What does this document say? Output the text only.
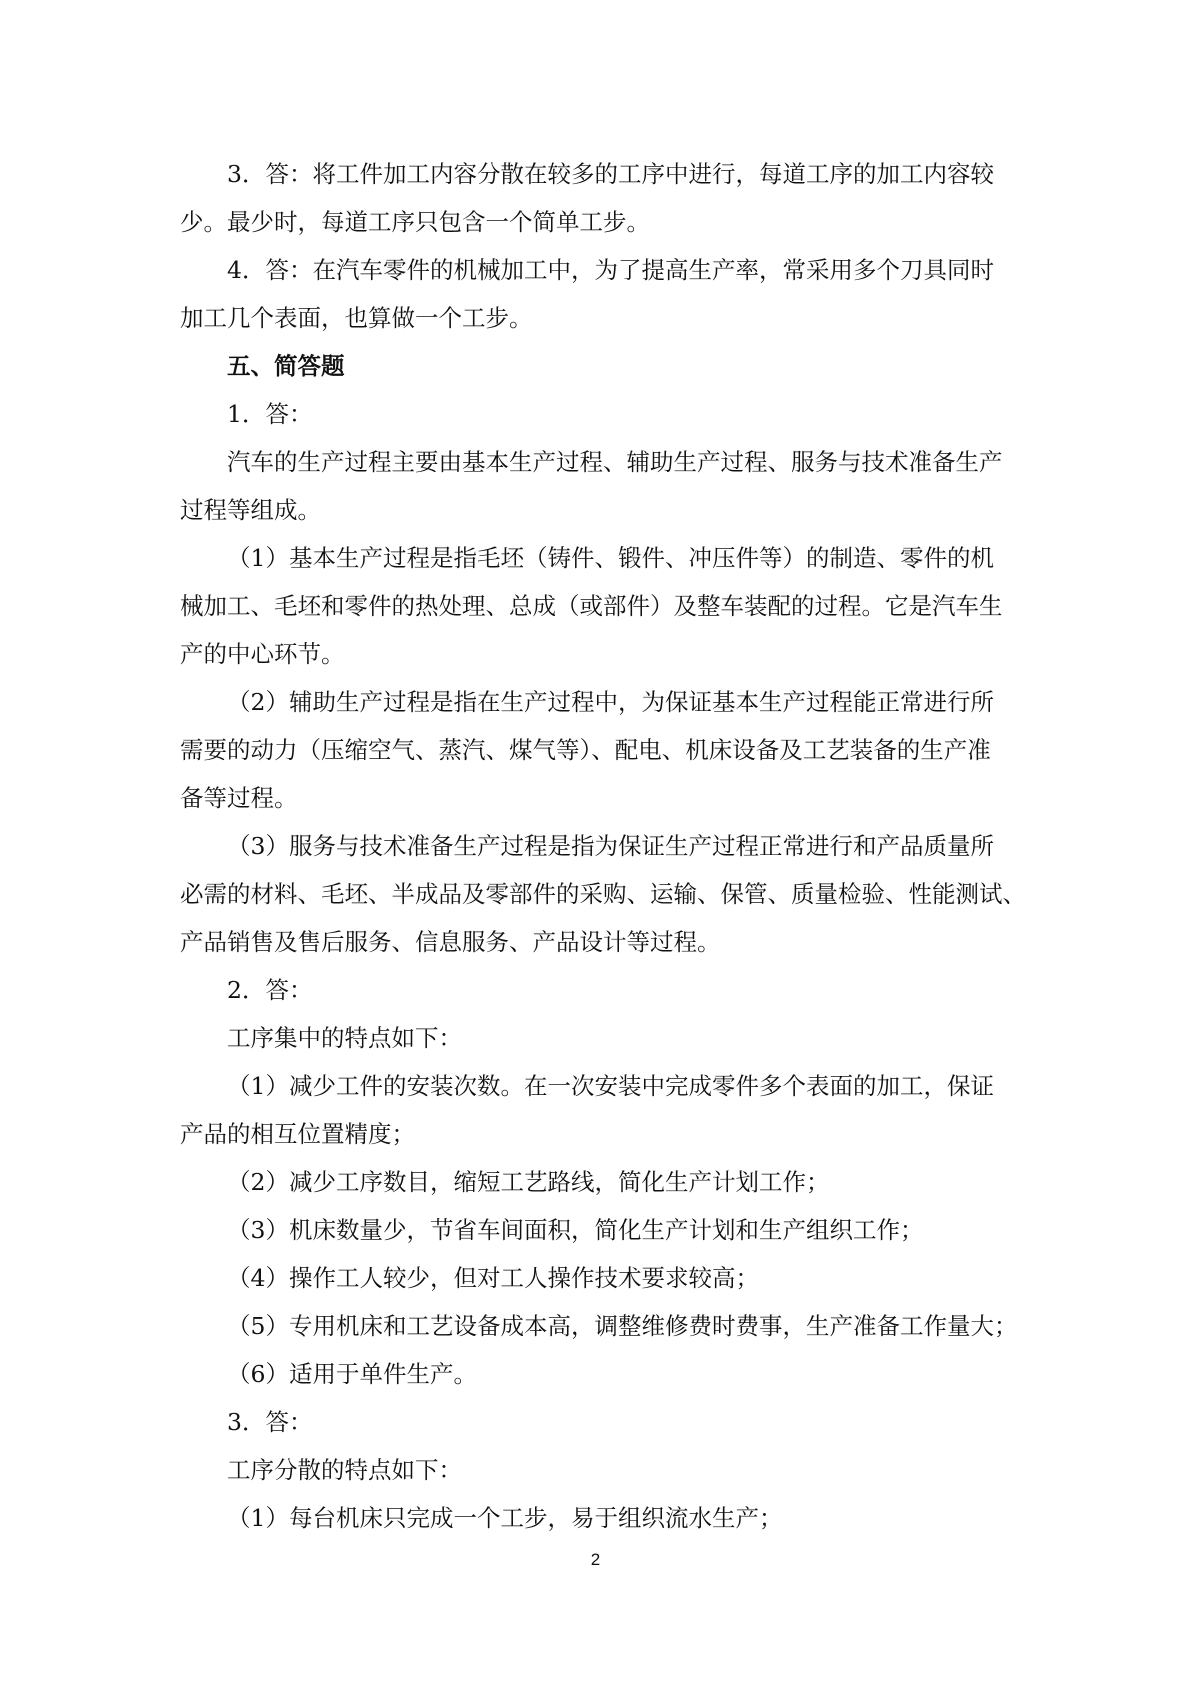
3．答：将工件加工内容分散在较多的工序中进行，每道工序的加工内容较

少。最少时，每道工序只包含一个简单工步。

4．答：在汽车零件的机械加工中，为了提高生产率，常采用多个刀具同时

加工几个表面，也算做一个工步。

五、简答题

1．答：

汽车的生产过程主要由基本生产过程、辅助生产过程、服务与技术准备生产

过程等组成。

（1）基本生产过程是指毛坯（铸件、锻件、冲压件等）的制造、零件的机

械加工、毛坯和零件的热处理、总成（或部件）及整车装配的过程。它是汽车生

产的中心环节。

（2）辅助生产过程是指在生产过程中，为保证基本生产过程能正常进行所

需要的动力（压缩空气、蒸汽、煤气等）、配电、机床设备及工艺装备的生产准

备等过程。

（3）服务与技术准备生产过程是指为保证生产过程正常进行和产品质量所

必需的材料、毛坯、半成品及零部件的采购、运输、保管、质量检验、性能测试、

产品销售及售后服务、信息服务、产品设计等过程。

2．答：

工序集中的特点如下：

（1）减少工件的安装次数。在一次安装中完成零件多个表面的加工，保证

产品的相互位置精度；

（2）减少工序数目，缩短工艺路线，简化生产计划工作；

（3）机床数量少，节省车间面积，简化生产计划和生产组织工作；

（4）操作工人较少，但对工人操作技术要求较高；

（5）专用机床和工艺设备成本高，调整维修费时费事，生产准备工作量大；

（6）适用于单件生产。

3．答：

工序分散的特点如下：

（1）每台机床只完成一个工步，易于组织流水生产；

2
